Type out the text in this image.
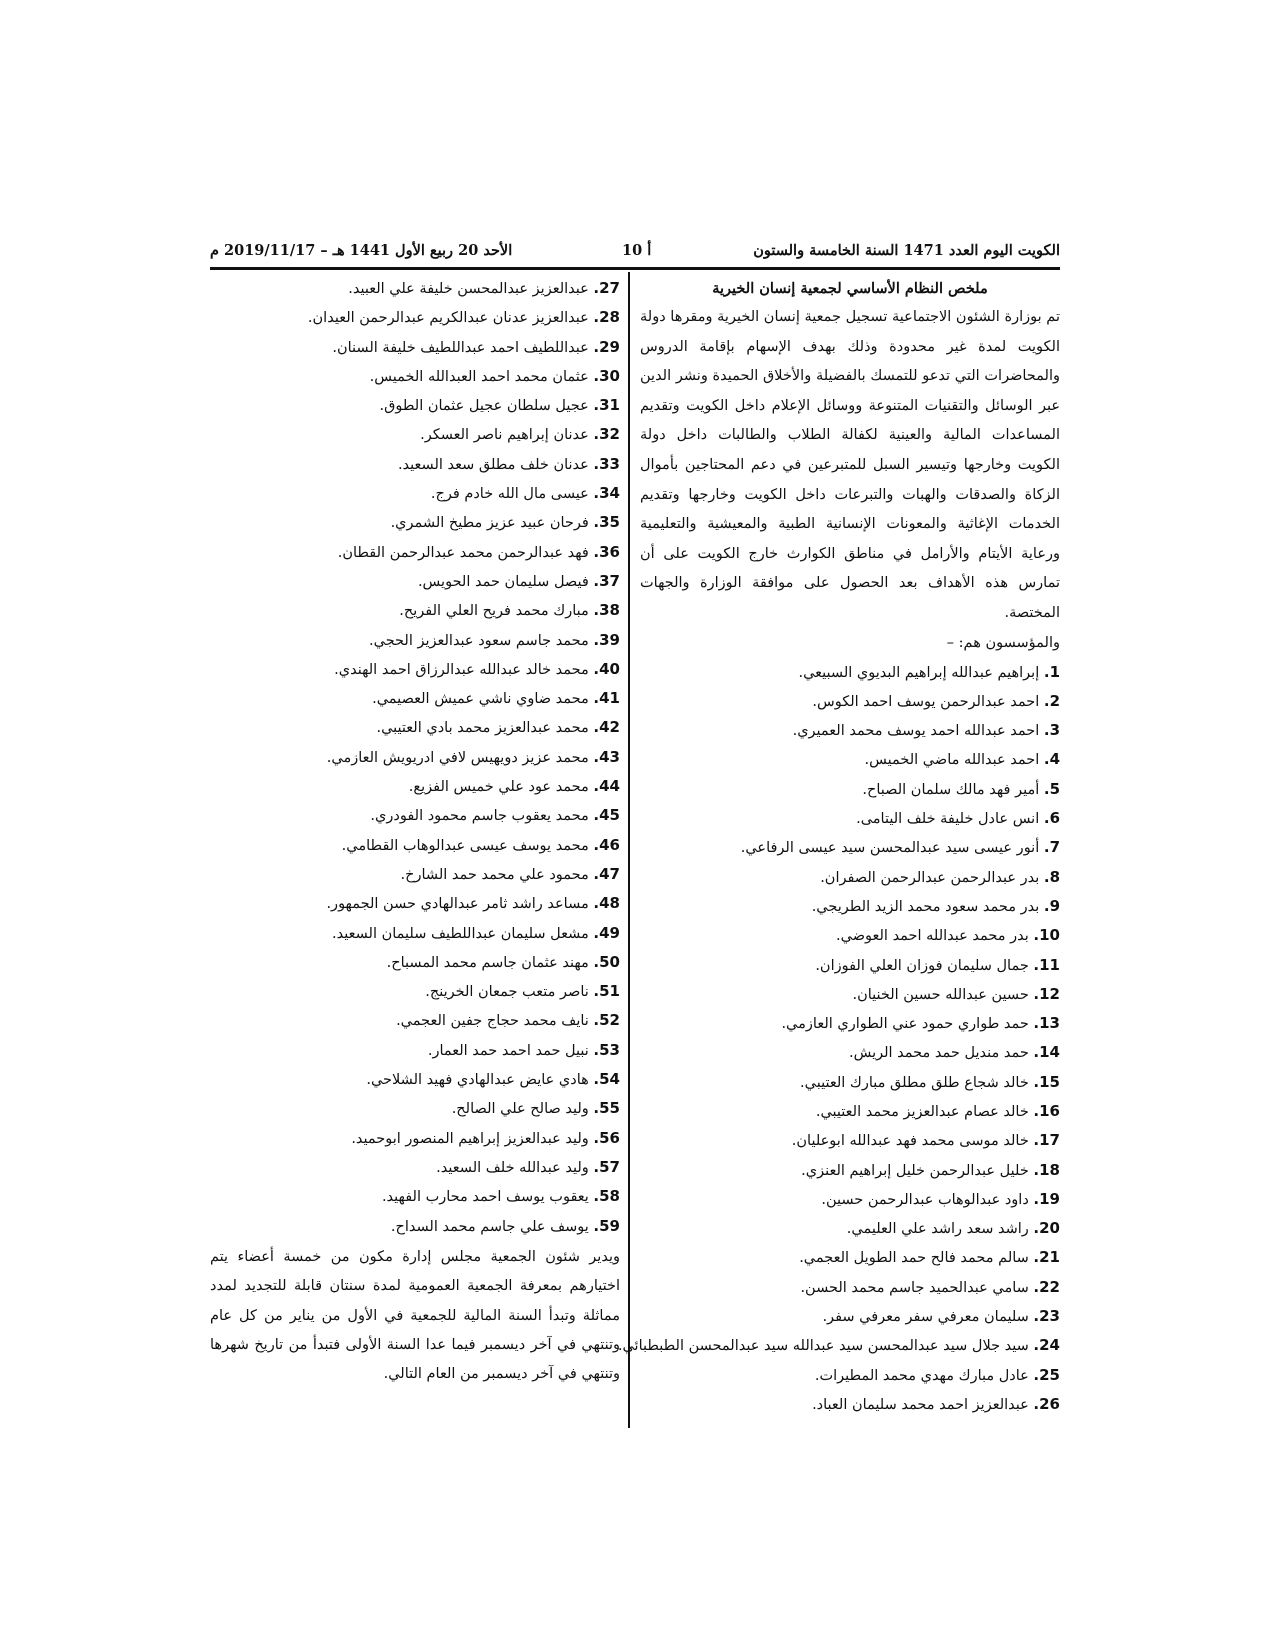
الأحد 20 ربيع الأول 1441 هـ – 2019/11/17 م	أ 10	الكويت اليوم العدد 1471 السنة الخامسة والستون
ملخص النظام الأساسي لجمعية إنسان الخيرية

تم بوزارة الشئون الاجتماعية تسجيل جمعية إنسان الخيرية ومقرها دولة الكويت لمدة غير محدودة وذلك بهدف الإسهام بإقامة الدروس والمحاضرات التي تدعو للتمسك بالفضيلة والأخلاق الحميدة ونشر الدين عبر الوسائل والتقنيات المتنوعة ووسائل الإعلام داخل الكويت وتقديم المساعدات المالية والعينية لكفالة الطلاب والطالبات داخل دولة الكويت وخارجها وتيسير السبل للمتبرعين في دعم المحتاجين بأموال الزكاة والصدقات والهبات والتبرعات داخل الكويت وخارجها وتقديم الخدمات الإغاثية والمعونات الإنسانية الطبية والمعيشية والتعليمية ورعاية الأيتام والأرامل في مناطق الكوارث خارج الكويت على أن تمارس هذه الأهداف بعد الحصول على موافقة الوزارة والجهات المختصة.

والمؤسسون هم: –
1. إبراهيم عبدالله إبراهيم البديوي السبيعي.
2. احمد عبدالرحمن يوسف احمد الكوس.
3. احمد عبدالله احمد يوسف محمد العميري.
4. احمد عبدالله ماضي الخميس.
5. أمير فهد مالك سلمان الصباح.
6. انس عادل خليفة خلف اليتامى.
7. أنور عيسى سيد عبدالمحسن سيد عيسى الرفاعي.
8. بدر عبدالرحمن عبدالرحمن الصفران.
9. بدر محمد سعود محمد الزيد الطريجي.
10. بدر محمد عبدالله احمد العوضي.
11. جمال سليمان فوزان العلي الفوزان.
12. حسين عبدالله حسين الخنيان.
13. حمد طواري حمود عني الطواري العازمي.
14. حمد منديل حمد محمد الريش.
15. خالد شجاع طلق مطلق مبارك العتيبي.
16. خالد عصام عبدالعزيز محمد العتيبي.
17. خالد موسى محمد فهد عبدالله ابوعليان.
18. خليل عبدالرحمن خليل إبراهيم العنزي.
19. داود عبدالوهاب عبدالرحمن حسين.
20. راشد سعد راشد علي العليمي.
21. سالم محمد فالح حمد الطويل العجمي.
22. سامي عبدالحميد جاسم محمد الحسن.
23. سليمان معرفي سفر معرفي سفر.
24. سيد جلال سيد عبدالمحسن سيد عبدالله سيد عبدالمحسن الطبطبائي.
25. عادل مبارك مهدي محمد المطيرات.
26. عبدالعزيز احمد محمد سليمان العباد.
27. عبدالعزيز عبدالمحسن خليفة علي العبيد.
28. عبدالعزيز عدنان عبدالكريم عبدالرحمن العيدان.
29. عبداللطيف احمد عبداللطيف خليفة السنان.
30. عثمان محمد احمد العبدالله الخميس.
31. عجيل سلطان عجيل عثمان الطوق.
32. عدنان إبراهيم ناصر العسكر.
33. عدنان خلف مطلق سعد السعيد.
34. عيسى مال الله خادم فرج.
35. فرحان عبيد عزيز مطيخ الشمري.
36. فهد عبدالرحمن محمد عبدالرحمن القطان.
37. فيصل سليمان حمد الحويس.
38. مبارك محمد فريح العلي الفريح.
39. محمد جاسم سعود عبدالعزيز الحجي.
40. محمد خالد عبدالله عبدالرزاق احمد الهندي.
41. محمد ضاوي ناشي عميش العصيمي.
42. محمد عبدالعزيز محمد بادي العتيبي.
43. محمد عزيز دويهيس لافي ادريويش العازمي.
44. محمد عود علي خميس الفزيع.
45. محمد يعقوب جاسم محمود الفودري.
46. محمد يوسف عيسى عبدالوهاب القطامي.
47. محمود علي محمد حمد الشارخ.
48. مساعد راشد ثامر عبدالهادي حسن الجمهور.
49. مشعل سليمان عبداللطيف سليمان السعيد.
50. مهند عثمان جاسم محمد المسباح.
51. ناصر متعب جمعان الخرينج.
52. نايف محمد حجاج جفين العجمي.
53. نبيل حمد احمد حمد العمار.
54. هادي عايض عبدالهادي فهيد الشلاحي.
55. وليد صالح علي الصالح.
56. وليد عبدالعزيز إبراهيم المنصور ابوحميد.
57. وليد عبدالله خلف السعيد.
58. يعقوب يوسف احمد محارب الفهيد.
59. يوسف علي جاسم محمد السداح.

ويدير شئون الجمعية مجلس إدارة مكون من خمسة أعضاء يتم اختيارهم بمعرفة الجمعية العمومية لمدة سنتان قابلة للتجديد لمدد مماثلة وتبدأ السنة المالية للجمعية في الأول من يناير من كل عام وتنتهي في آخر ديسمبر فيما عدا السنة الأولى فتبدأ من تاريخ شهرها وتنتهي في آخر ديسمبر من العام التالي.
